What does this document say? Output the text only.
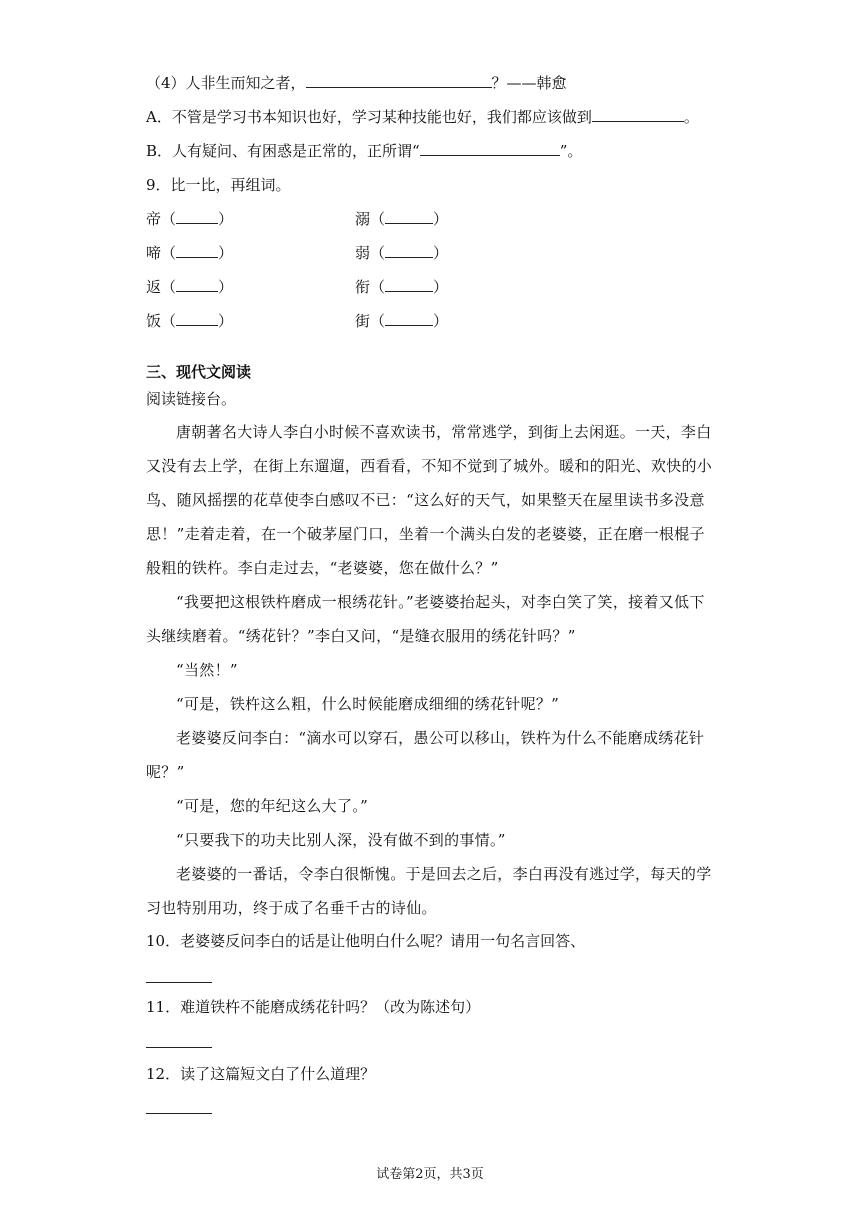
（4）人非生而知之者，	？——韩愈
A．不管是学习书本知识也好，学习某种技能也好，我们都应该做到	。
B．人有疑问、有困惑是正常的，正所谓“	”。
9．比一比，再组词。
帝（	）	溺（	）
啼（	）	弱（	）
返（	）	衔（	）
饭（	）	街（	）
三、现代文阅读
阅读链接台。
唐朝著名大诗人李白小时候不喜欢读书，常常逃学，到街上去闲逛。一天，李白又没有去上学，在街上东遛遛，西看看，不知不觉到了城外。暖和的阳光、欢快的小鸟、随风摇摆的花草使李白感叹不已：“这么好的天气，如果整天在屋里读书多没意思！”走着走着，在一个破茅屋门口，坐着一个满头白发的老婆婆，正在磨一根棍子般粗的铁杵。李白走过去，“老婆婆，您在做什么？”
“我要把这根铁杵磨成一根绣花针。”老婆婆抬起头，对李白笑了笑，接着又低下头继续磨着。“绣花针？”李白又问，“是缝衣服用的绣花针吗？”
“当然！”
“可是，铁杵这么粗，什么时候能磨成细细的绣花针呢？”
老婆婆反问李白：“滴水可以穿石，愚公可以移山，铁杵为什么不能磨成绣花针呢？”
“可是，您的年纪这么大了。”
“只要我下的功夫比别人深，没有做不到的事情。”
老婆婆的一番话，令李白很惭愧。于是回去之后，李白再没有逃过学，每天的学习也特别用功，终于成了名垂千古的诗仙。
10．老婆婆反问李白的话是让他明白什么呢？请用一句名言回答、
11．难道铁杵不能磨成绣花针吗？（改为陈述句）
12．读了这篇短文白了什么道理？
试卷第2页，共3页
